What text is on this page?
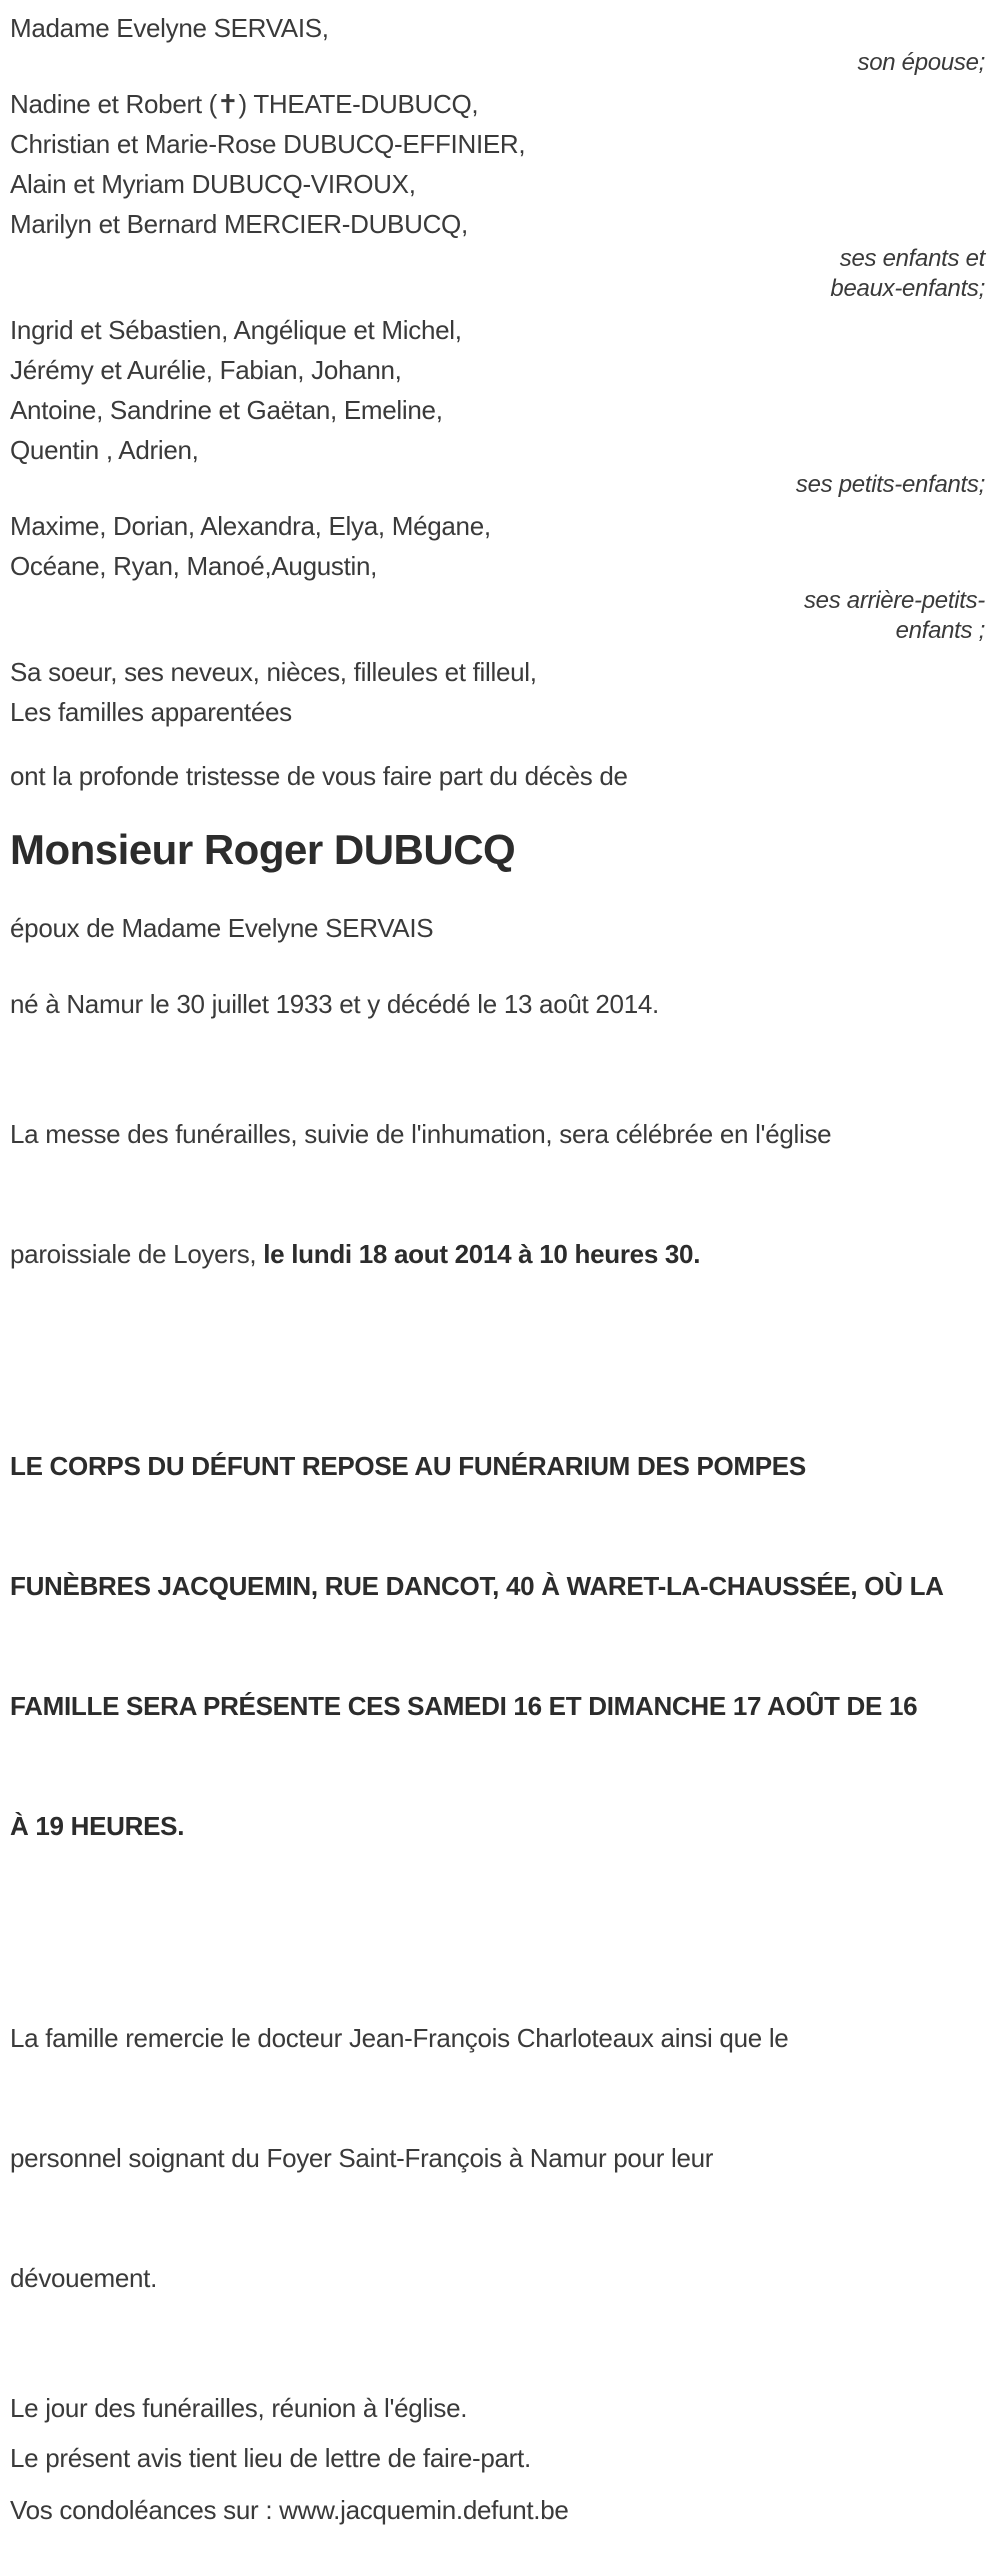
Madame Evelyne SERVAIS,
son épouse;
Nadine et Robert (✝) THEATE-DUBUCQ,
Christian et Marie-Rose DUBUCQ-EFFINIER,
Alain et Myriam DUBUCQ-VIROUX,
Marilyn et Bernard MERCIER-DUBUCQ,
ses enfants et
beaux-enfants;
Ingrid et Sébastien, Angélique et Michel,
Jérémy et Aurélie, Fabian, Johann,
Antoine, Sandrine et Gaëtan, Emeline,
Quentin , Adrien,
ses petits-enfants;
Maxime, Dorian, Alexandra, Elya, Mégane,
Océane, Ryan, Manoé,Augustin,
ses arrière-petits-
enfants ;
Sa soeur, ses neveux, nièces, filleules et filleul,
Les familles apparentées

ont la profonde tristesse de vous faire part du décès de

Monsieur Roger DUBUCQ

époux de Madame Evelyne SERVAIS

né à Namur le 30 juillet 1933 et y décédé le 13 août 2014.

La messe des funérailles, suivie de l'inhumation, sera célébrée en l'église

paroissiale de Loyers, le lundi 18 aout 2014 à 10 heures 30.

LE CORPS DU DÉFUNT REPOSE AU FUNÉRARIUM DES POMPES

FUNÈBRES JACQUEMIN, RUE DANCOT, 40 À WARET-LA-CHAUSSÉE, OÙ LA

FAMILLE SERA PRÉSENTE CES SAMEDI 16 ET DIMANCHE 17 AOÛT DE 16

À 19 HEURES.

La famille remercie le docteur Jean-François Charloteaux ainsi que le

personnel soignant du Foyer Saint-François à Namur pour leur

dévouement.

Le jour des funérailles, réunion à l'église.

Le présent avis tient lieu de lettre de faire-part.

Vos condoléances sur : www.jacquemin.defunt.be
